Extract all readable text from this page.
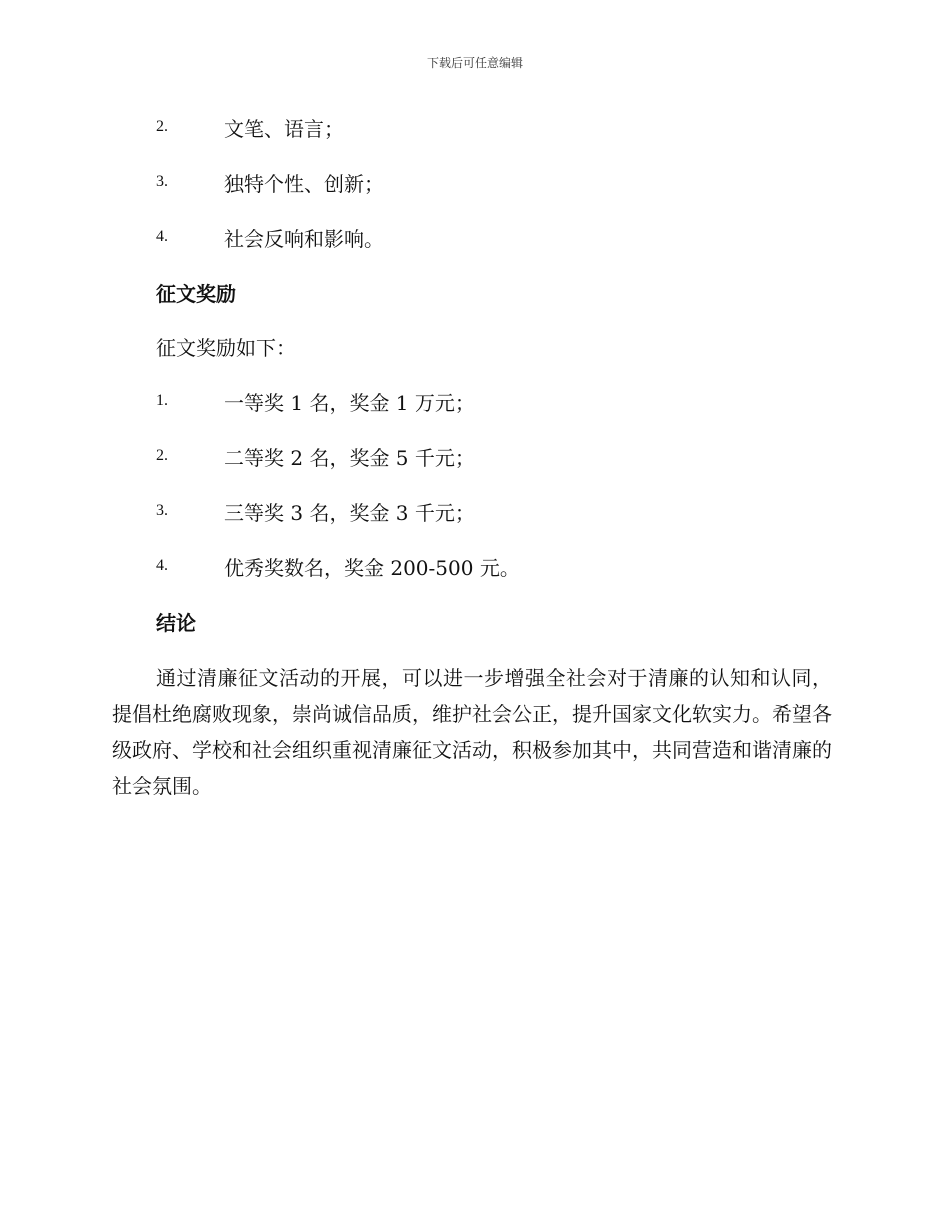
下载后可任意编辑
2.	文笔、语言；
3.	独特个性、创新；
4.	社会反响和影响。
征文奖励
征文奖励如下：
1.	一等奖 1 名，奖金 1 万元；
2.	二等奖 2 名，奖金 5 千元；
3.	三等奖 3 名，奖金 3 千元；
4.	优秀奖数名，奖金 200-500 元。
结论

通过清廉征文活动的开展，可以进一步增强全社会对于清廉的认知和认同，提倡杜绝腐败现象，崇尚诚信品质，维护社会公正，提升国家文化软实力。希望各级政府、学校和社会组织重视清廉征文活动，积极参加其中，共同营造和谐清廉的社会氛围。
